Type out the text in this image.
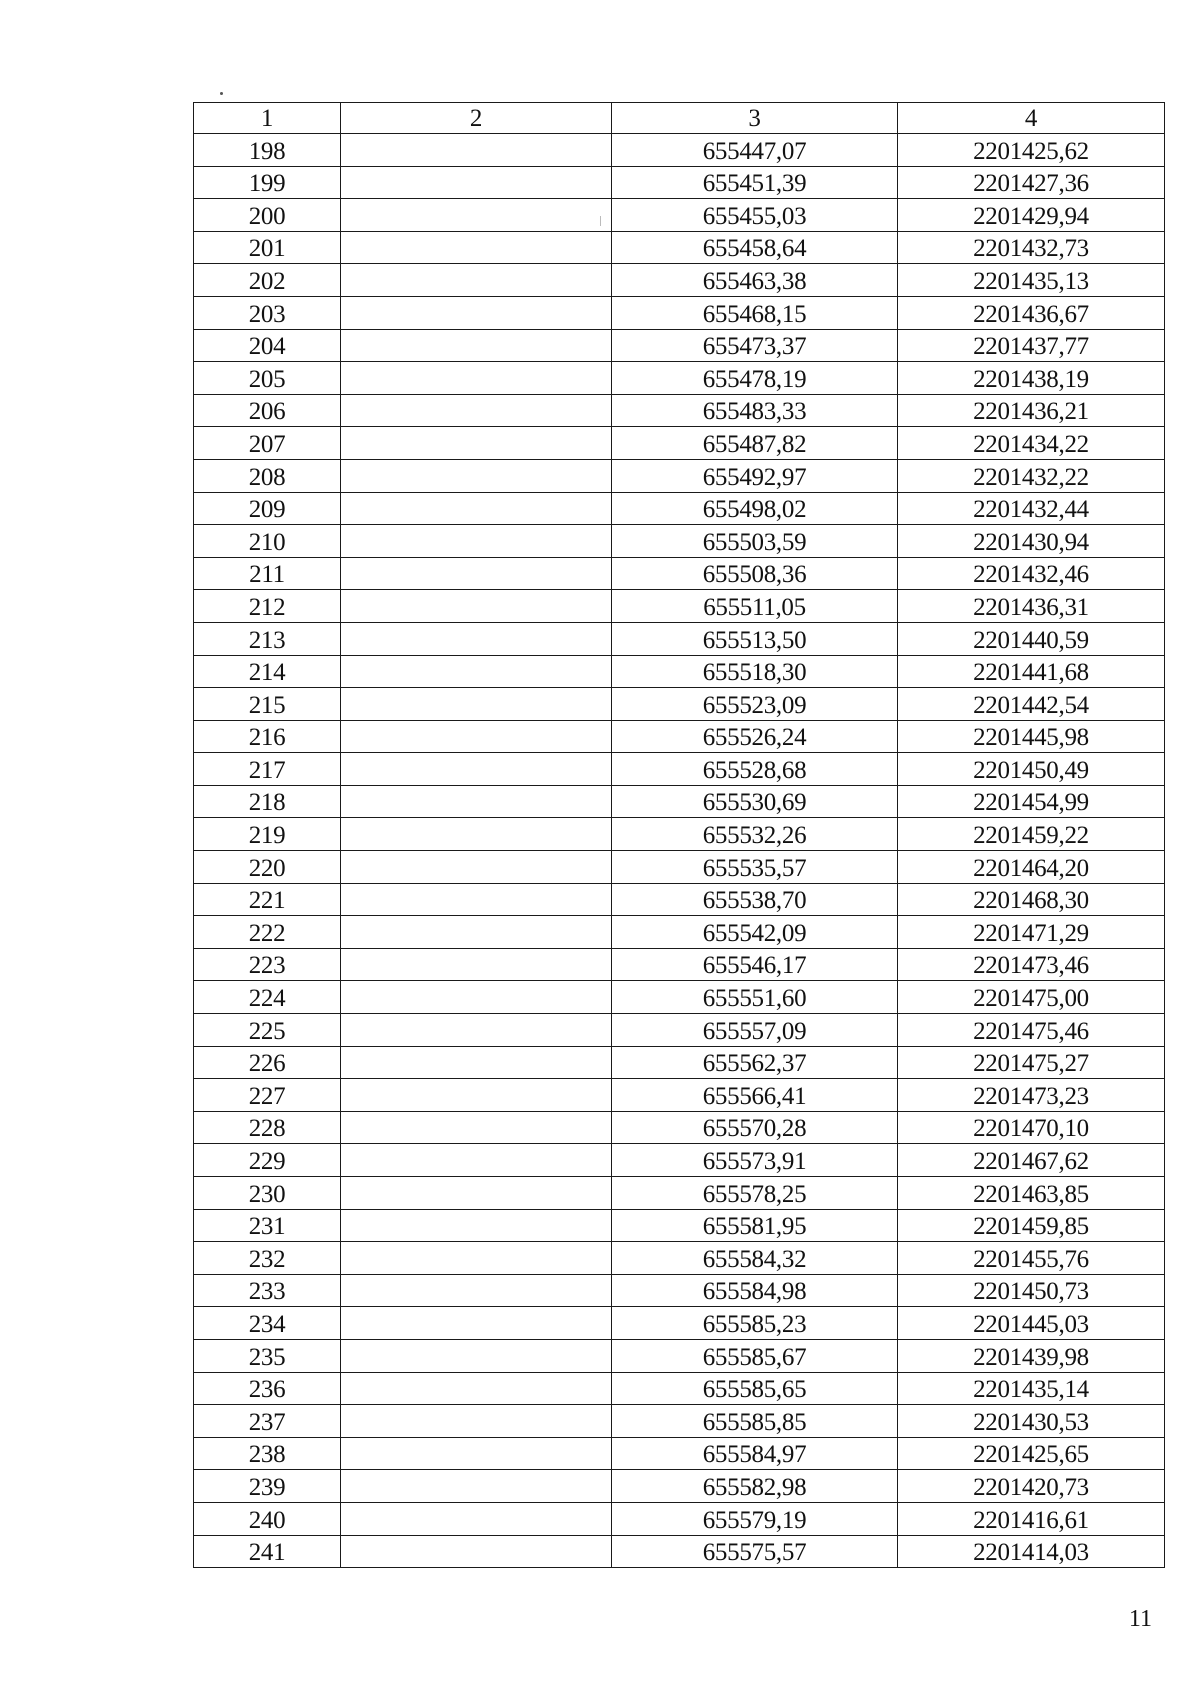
1	2	3	4
198		655447,07	2201425,62
199		655451,39	2201427,36
200		655455,03	2201429,94
201		655458,64	2201432,73
202		655463,38	2201435,13
203		655468,15	2201436,67
204		655473,37	2201437,77
205		655478,19	2201438,19
206		655483,33	2201436,21
207		655487,82	2201434,22
208		655492,97	2201432,22
209		655498,02	2201432,44
210		655503,59	2201430,94
211		655508,36	2201432,46
212		655511,05	2201436,31
213		655513,50	2201440,59
214		655518,30	2201441,68
215		655523,09	2201442,54
216		655526,24	2201445,98
217		655528,68	2201450,49
218		655530,69	2201454,99
219		655532,26	2201459,22
220		655535,57	2201464,20
221		655538,70	2201468,30
222		655542,09	2201471,29
223		655546,17	2201473,46
224		655551,60	2201475,00
225		655557,09	2201475,46
226		655562,37	2201475,27
227		655566,41	2201473,23
228		655570,28	2201470,10
229		655573,91	2201467,62
230		655578,25	2201463,85
231		655581,95	2201459,85
232		655584,32	2201455,76
233		655584,98	2201450,73
234		655585,23	2201445,03
235		655585,67	2201439,98
236		655585,65	2201435,14
237		655585,85	2201430,53
238		655584,97	2201425,65
239		655582,98	2201420,73
240		655579,19	2201416,61
241		655575,57	2201414,03
11
